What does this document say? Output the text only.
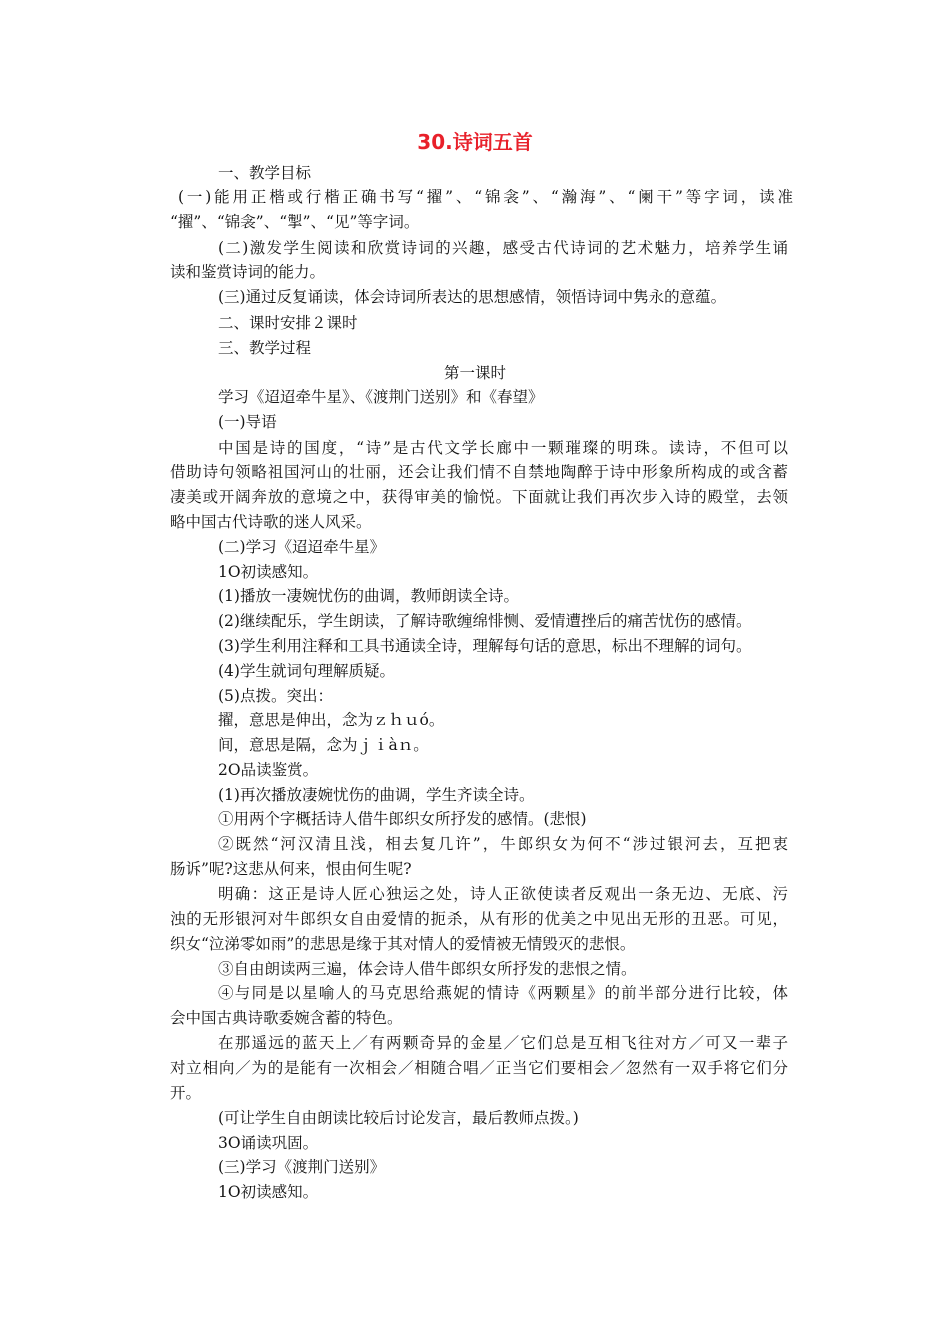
30.诗词五首

一、教学目标

(一)能用正楷或行楷正确书写“擢”、“锦衾”、“瀚海”、“阑干”等字词，读准

“擢”、“锦衾”、“掣”、“见”等字词。

(二)激发学生阅读和欣赏诗词的兴趣，感受古代诗词的艺术魅力，培养学生诵

读和鉴赏诗词的能力。

(三)通过反复诵读，体会诗词所表达的思想感情，领悟诗词中隽永的意蕴。

二、课时安排２课时

三、教学过程

第一课时

学习《迢迢牵牛星》、《渡荆门送别》和《春望》

(一)导语

中国是诗的国度，“诗”是古代文学长廊中一颗璀璨的明珠。读诗，不但可以

借助诗句领略祖国河山的壮丽，还会让我们情不自禁地陶醉于诗中形象所构成的或含蓄

凄美或开阔奔放的意境之中，获得审美的愉悦。下面就让我们再次步入诗的殿堂，去领

略中国古代诗歌的迷人风采。

(二)学习《迢迢牵牛星》

1O初读感知。

(1)播放一凄婉忧伤的曲调，教师朗读全诗。

(2)继续配乐，学生朗读，了解诗歌缠绵悱恻、爱情遭挫后的痛苦忧伤的感情。

(3)学生利用注释和工具书通读全诗，理解每句话的意思，标出不理解的词句。

(4)学生就词句理解质疑。

(5)点拨。突出：

擢，意思是伸出，念为ｚｈｕó。

间，意思是隔，念为ｊｉàｎ。

2O品读鉴赏。

(1)再次播放凄婉忧伤的曲调，学生齐读全诗。

①用两个字概括诗人借牛郎织女所抒发的感情。(悲恨)

②既然“河汉清且浅，相去复几许”，牛郎织女为何不“涉过银河去，互把衷

肠诉”呢?这悲从何来，恨由何生呢?

明确：这正是诗人匠心独运之处，诗人正欲使读者反观出一条无边、无底、污

浊的无形银河对牛郎织女自由爱情的扼杀，从有形的优美之中见出无形的丑恶。可见，

织女“泣涕零如雨”的悲思是缘于其对情人的爱情被无情毁灭的悲恨。

③自由朗读两三遍，体会诗人借牛郎织女所抒发的悲恨之情。

④与同是以星喻人的马克思给燕妮的情诗《两颗星》的前半部分进行比较，体

会中国古典诗歌委婉含蓄的特色。

在那遥远的蓝天上／有两颗奇异的金星／它们总是互相飞往对方／可又一辈子

对立相向／为的是能有一次相会／相随合唱／正当它们要相会／忽然有一双手将它们分

开。

(可让学生自由朗读比较后讨论发言，最后教师点拨。)

3O诵读巩固。

(三)学习《渡荆门送别》

1O初读感知。
